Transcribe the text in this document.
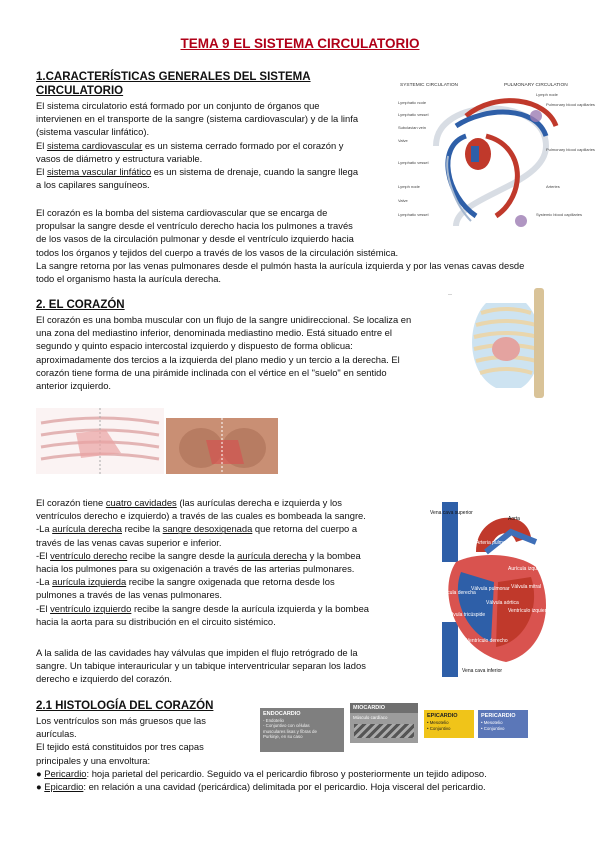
TEMA 9 EL SISTEMA CIRCULATORIO
1.CARACTERÍSTICAS GENERALES DEL SISTEMA
CIRCULATORIO
El sistema circulatorio está formado por un conjunto de órganos que
intervienen en el transporte de la sangre (sistema cardiovascular) y de la linfa
(sistema vascular linfático).
El sistema cardiovascular es un sistema cerrado formado por el corazón y
vasos de diámetro y estructura variable.
El sistema vascular linfático es un sistema de drenaje, cuando la sangre llega
a los capilares sanguíneos.
El corazón es la bomba del sistema cardiovascular que se encarga de
propulsar la sangre desde el ventrículo derecho hacia los pulmones a través
de los vasos de la circulación pulmonar y desde el ventrículo izquierdo hacia
todos los órganos y tejidos del cuerpo a través de los vasos de la circulación sistémica.
La sangre retorna por las venas pulmonares desde el pulmón hasta la aurícula izquierda y por las venas cavas desde
todo el organismo hasta la aurícula derecha.
SYSTEMIC CIRCULATION	PULMONARY CIRCULATION
Lymphatic node
Lymphatic vessel
Subclavian vein
Valve
Lymphatic vessel
Lymph node
Valve
Lymphatic vessel
Lymph node
Pulmonary blood capillaries
Pulmonary blood capillaries
Arteries
Systemic blood capillaries
2. EL CORAZÓN
El corazón es una bomba muscular con un flujo de la sangre unidireccional. Se localiza en
una zona del mediastino inferior, denominada mediastino medio. Está situado entre el
segundo y quinto espacio intercostal izquierdo y dispuesto de forma oblicua:
aproximadamente dos tercios a la izquierda del plano medio y un tercio a la derecha. El
corazón tiene forma de una pirámide inclinada con el vértice en el "suelo" en sentido
anterior izquierdo.
—
El corazón tiene cuatro cavidades (las aurículas derecha e izquierda y los
ventrículos derecho e izquierdo) a través de las cuales es bombeada la sangre.
-La aurícula derecha recibe la sangre desoxigenada que retorna del cuerpo a
través de las venas cavas superior e inferior.
-El ventrículo derecho recibe la sangre desde la aurícula derecha y la bombea
hacia los pulmones para su oxigenación a través de las arterias pulmonares.
-La aurícula izquierda recibe la sangre oxigenada que retorna desde los
pulmones a través de las venas pulmonares.
-El ventrículo izquierdo recibe la sangre desde la aurícula izquierda y la bombea
hacia la aorta para su distribución en el circuito sistémico.
A la salida de las cavidades hay válvulas que impiden el flujo retrógrado de la
sangre. Un tabique interauricular y un tabique interventricular separan los lados
derecho e izquierdo del corazón.
Vena cava superior
Aorta
Arteria pulmonar
Aurícula izquierda
Válvula mitral
Aurícula derecha
Válvula pulmonar
Válvula tricúspide
Ventrículo izquierdo
Válvula aórtica
Ventrículo derecho
Vena cava inferior
2.1 HISTOLOGÍA DEL CORAZÓN
Los ventrículos son más gruesos que las
aurículas.
El tejido está constituidos por tres capas
principales y una envoltura:
● Pericardio: hoja parietal del pericardio. Seguido va el pericardio fibroso y posteriormente un tejido adiposo.
● Epicardio: en relación a una cavidad (pericárdica) delimitada por el pericardio. Hoja visceral del pericardio.
ENDOCARDIO
- Endotelio
- Conjuntivo con células
musculares lisas y fibras de
Purkinje, en su caso
MIOCARDIO
Músculo cardíaco	EPICARDIO
• Mesotelio
• Conjuntivo
PERICARDIO
• Mesotelio
• Conjuntivo
